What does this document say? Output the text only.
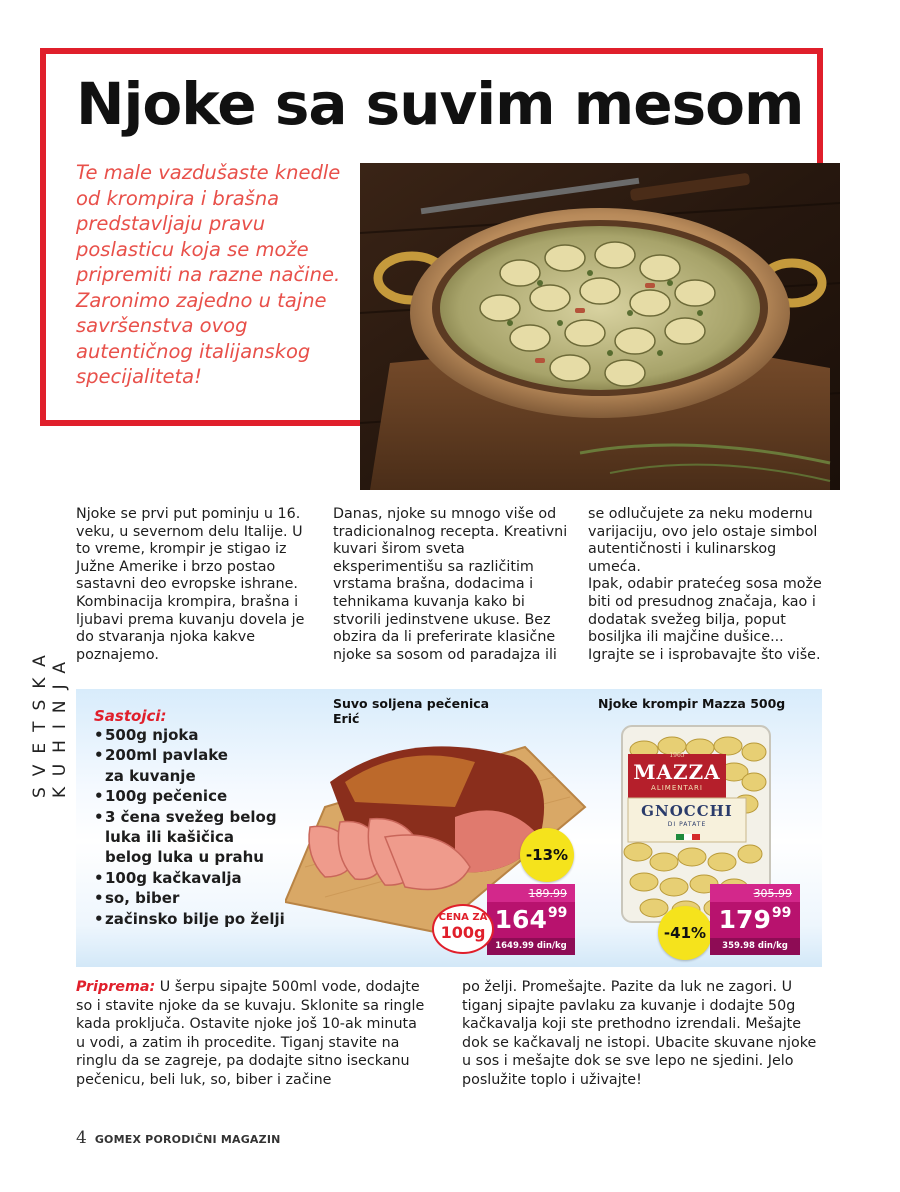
Njoke sa suvim mesom

Te male vazdušaste knedle od krompira i brašna predstavljaju pravu poslasticu koja se može pripremiti na razne načine. Zaronimo zajedno u tajne savršenstva ovog autentičnog italijanskog specijaliteta!

SVETSKA KUHINJA

Njoke se prvi put pominju u 16. veku, u severnom delu Italije. U to vreme, krompir je stigao iz Južne Amerike i brzo postao sastavni deo evropske ishrane. Kombinacija krompira, brašna i ljubavi prema kuvanju dovela je do stvaranja njoka kakve poznajemo.

Danas, njoke su mnogo više od tradicionalnog recepta. Kreativni kuvari širom sveta eksperimentišu sa različitim vrstama brašna, dodacima i tehnikama kuvanja kako bi stvorili jedinstvene ukuse. Bez obzira da li preferirate klasične njoke sa sosom od paradajza ili

se odlučujete za neku modernu varijaciju, ovo jelo ostaje simbol autentičnosti i kulinarskog umeća.

Ipak, odabir pratećeg sosa može biti od presudnog značaja, kao i dodatak svežeg bilja, poput bosiljka ili majčine dušice... Igrajte se i isprobavajte što više.

Sastojci:
• 500g njoka
• 200ml pavlake
za kuvanje
• 100g pečenice
• 3 čena svežeg belog
luka ili kašičica
belog luka u prahu
• 100g kačkavalja
• so, biber
• začinsko bilje po želji
Suvo soljena pečenica
Erić
-13%
189.99
164 99
1649.99 din/kg
CENA ZA
100g
Njoke krompir Mazza 500g
1965
MAZZA
ALIMENTARI
GNOCCHI
DI PATATE
-41%
305.99
179 99
359.98 din/kg
Priprema: U šerpu sipajte 500ml vode, dodajte so i stavite njoke da se kuvaju. Sklonite sa ringle kada proključa. Ostavite njoke još 10-ak minuta u vodi, a zatim ih procedite. Tiganj stavite na ringlu da se zagreje, pa dodajte sitno iseckanu pečenicu, beli luk, so, biber i začine
po želji. Promešajte. Pazite da luk ne zagori. U tiganj sipajte pavlaku za kuvanje i dodajte 50g kačkavalja koji ste prethodno izrendali. Mešajte dok se kačkavalj ne istopi. Ubacite skuvane njoke u sos i mešajte dok se sve lepo ne sjedini. Jelo poslužite toplo i uživajte!
4 GOMEX PORODIČNI MAGAZIN
